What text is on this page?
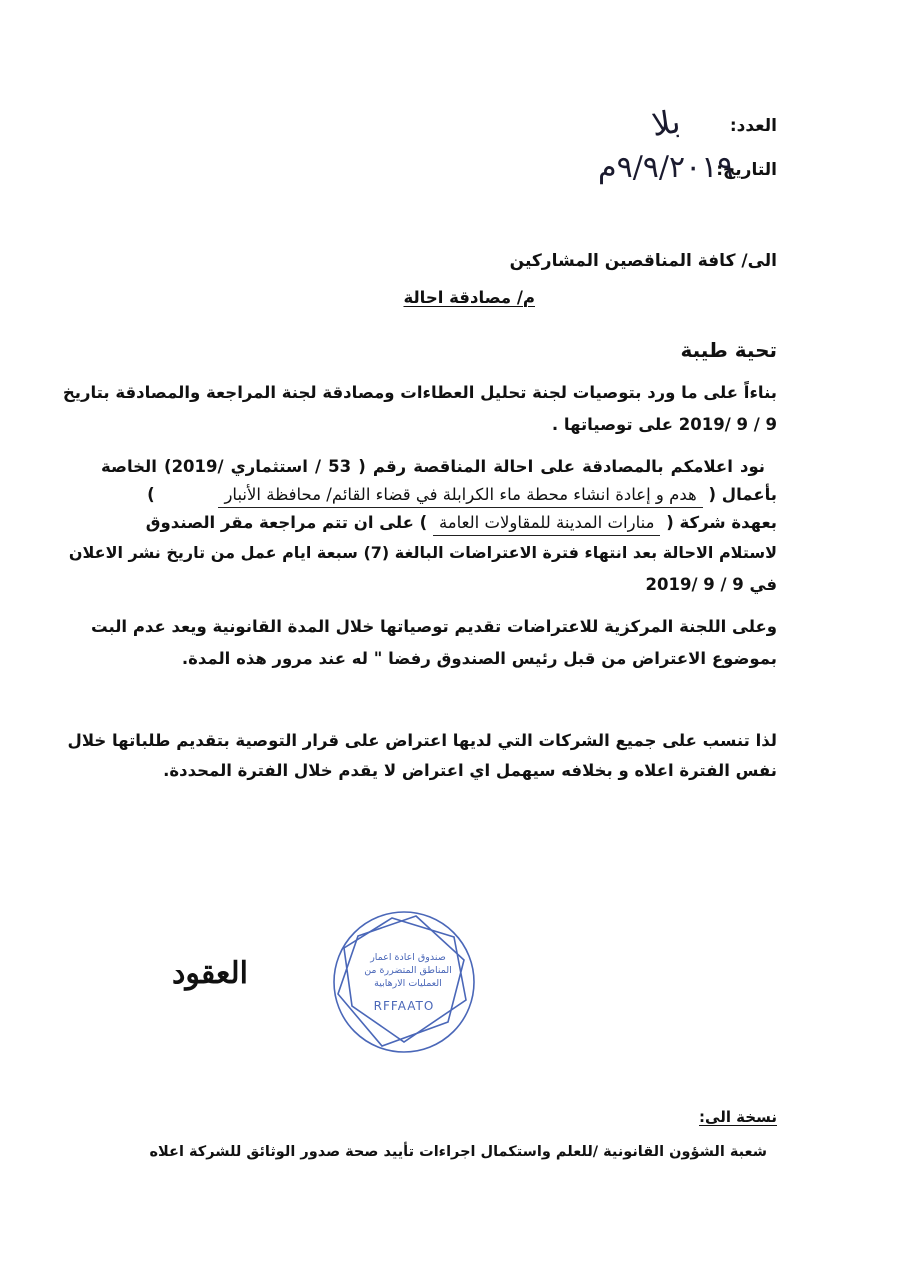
العدد:
بلا
التاريخ:
٩/٩/٢٠١٩م
الى/ كافة المناقصين المشاركين
م/ مصادقة احالة
تحية طيبة
بناءاً على ما ورد بتوصيات لجنة تحليل العطاءات ومصادقة لجنة المراجعة والمصادقة بتاريخ
9 / 9 /2019 على توصياتها .
نود اعلامكم بالمصادقة على احالة المناقصة رقم ( 53 / استثماري /2019) الخاصة
بأعمال ( هدم و إعادة انشاء محطة ماء الكرابلة في قضاء القائم/ محافظة الأنبار )
بعهدة شركة ( منارات المدينة للمقاولات العامة ) على ان تتم مراجعة مقر الصندوق
لاستلام الاحالة بعد انتهاء فترة الاعتراضات البالغة (7) سبعة ايام عمل من تاريخ نشر الاعلان
في 9 / 9 /2019
وعلى اللجنة المركزية للاعتراضات تقديم توصياتها خلال المدة القانونية ويعد عدم البت
بموضوع الاعتراض من قبل رئيس الصندوق رفضا " له عند مرور هذه المدة.
لذا تنسب على جميع الشركات التي لديها اعتراض على قرار التوصية بتقديم طلباتها خلال
نفس الفترة اعلاه و بخلافه سيهمل اي اعتراض لا يقدم خلال الفترة المحددة.
العقود	صندوق اعادة اعمار
المناطق المتضررة من
العمليات الارهابية
RFFAATO
نسخة الى:
شعبة الشؤون القانونية /للعلم واستكمال اجراءات تأييد صحة صدور الوثائق للشركة اعلاه
